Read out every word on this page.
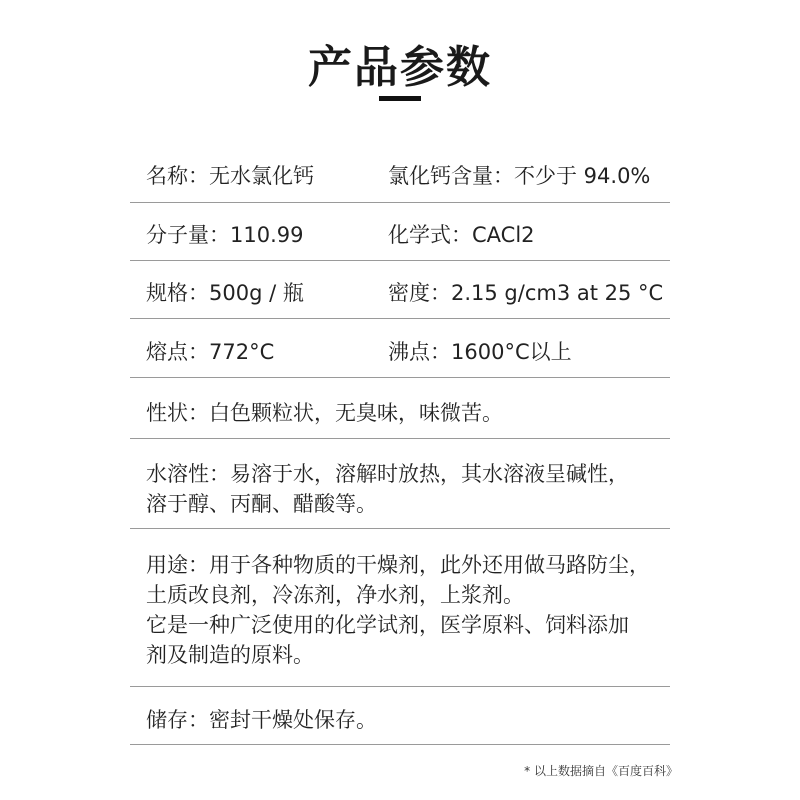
产品参数
名称：无水氯化钙	氯化钙含量：不少于 94.0%
分子量：110.99	化学式：CACl2
规格：500g / 瓶	密度：2.15 g/cm3 at 25 °C
熔点：772°C	沸点：1600°C以上
性状：白色颗粒状，无臭味，味微苦。
水溶性：易溶于水，溶解时放热，其水溶液呈碱性，
溶于醇、丙酮、醋酸等。
用途：用于各种物质的干燥剂，此外还用做马路防尘，
土质改良剂，冷冻剂，净水剂，上浆剂。
它是一种广泛使用的化学试剂，医学原料、饲料添加
剂及制造的原料。
储存：密封干燥处保存。
* 以上数据摘自《百度百科》
